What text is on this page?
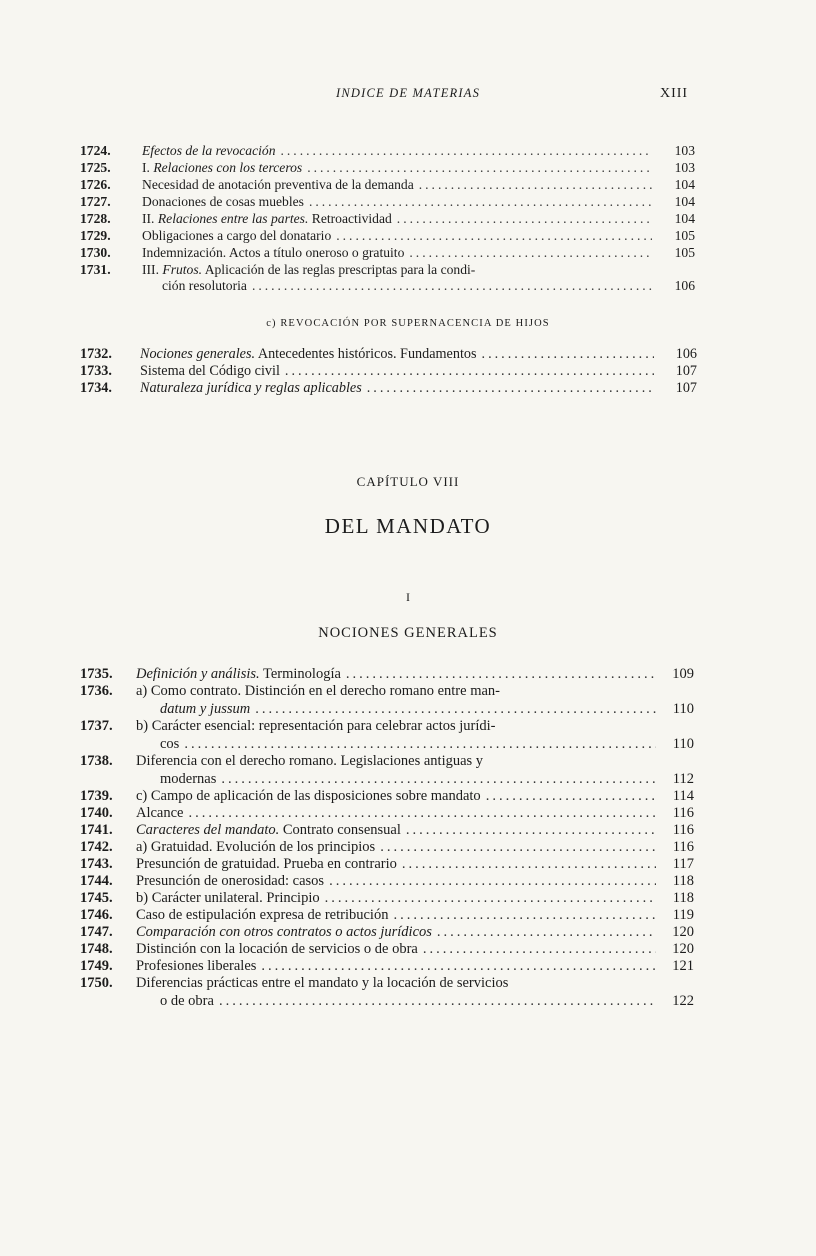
INDICE DE MATERIAS	XIII
1724. Efectos de la revocación .....	103
1725. I. Relaciones con los terceros .....	103
1726. Necesidad de anotación preventiva de la demanda .....	104
1727. Donaciones de cosas muebles .....	104
1728. II. Relaciones entre las partes. Retroactividad .....	104
1729. Obligaciones a cargo del donatario .....	105
1730. Indemnización. Actos a título oneroso o gratuito .....	105
1731. III. Frutos. Aplicación de las reglas prescriptas para la condi-
ción resolutoria .....	106
c) REVOCACIÓN POR SUPERNACENCIA DE HIJOS
1732. Nociones generales. Antecedentes históricos. Fundamentos .....	106
1733. Sistema del Código civil .....	107
1734. Naturaleza jurídica y reglas aplicables .....	107
CAPÍTULO VIII
DEL MANDATO
I
NOCIONES GENERALES
1735. Definición y análisis. Terminología .....	109
1736. a) Como contrato. Distinción en el derecho romano entre man-
datum y jussum .....	110
1737. b) Carácter esencial: representación para celebrar actos jurídi-
cos .....	110
1738. Diferencia con el derecho romano. Legislaciones antiguas y
modernas .....	112
1739. c) Campo de aplicación de las disposiciones sobre mandato .....	114
1740. Alcance .....	116
1741. Caracteres del mandato. Contrato consensual .....	116
1742. a) Gratuidad. Evolución de los principios .....	116
1743. Presunción de gratuidad. Prueba en contrario .....	117
1744. Presunción de onerosidad: casos .....	118
1745. b) Carácter unilateral. Principio .....	118
1746. Caso de estipulación expresa de retribución .....	119
1747. Comparación con otros contratos o actos jurídicos .....	120
1748. Distinción con la locación de servicios o de obra .....	120
1749. Profesiones liberales .....	121
1750. Diferencias prácticas entre el mandato y la locación de servicios
o de obra .....	122
